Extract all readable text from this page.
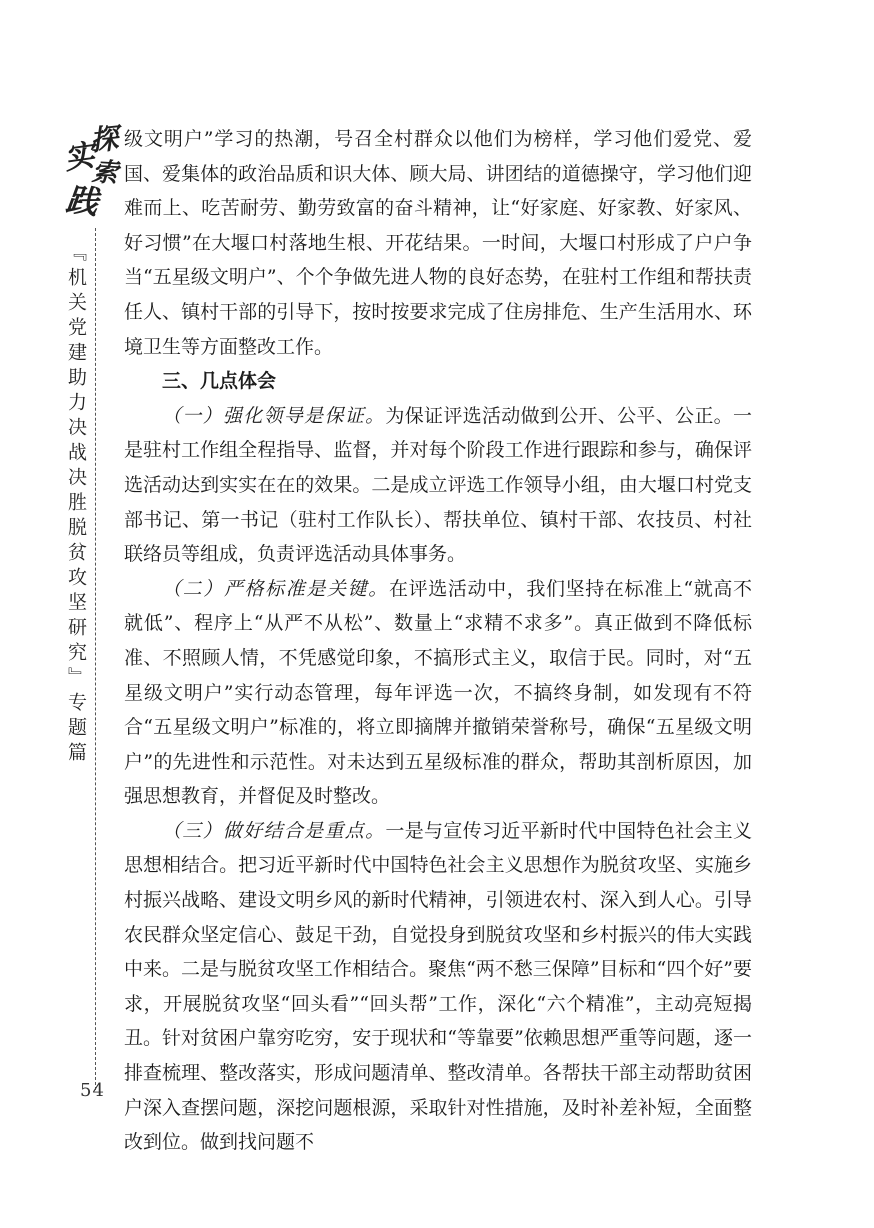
探
索
实
践
『机关党建助力决战决胜脱贫攻坚研究』专题篇
54

级文明户”学习的热潮，号召全村群众以他们为榜样，学习他们爱党、爱国、爱集体的政治品质和识大体、顾大局、讲团结的道德操守，学习他们迎难而上、吃苦耐劳、勤劳致富的奋斗精神，让“好家庭、好家教、好家风、好习惯”在大堰口村落地生根、开花结果。一时间，大堰口村形成了户户争当“五星级文明户”、个个争做先进人物的良好态势，在驻村工作组和帮扶责任人、镇村干部的引导下，按时按要求完成了住房排危、生产生活用水、环境卫生等方面整改工作。

三、几点体会

（一）强化领导是保证。为保证评选活动做到公开、公平、公正。一是驻村工作组全程指导、监督，并对每个阶段工作进行跟踪和参与，确保评选活动达到实实在在的效果。二是成立评选工作领导小组，由大堰口村党支部书记、第一书记（驻村工作队长）、帮扶单位、镇村干部、农技员、村社联络员等组成，负责评选活动具体事务。

（二）严格标准是关键。在评选活动中，我们坚持在标准上“就高不就低”、程序上“从严不从松”、数量上“求精不求多”。真正做到不降低标准、不照顾人情，不凭感觉印象，不搞形式主义，取信于民。同时，对“五星级文明户”实行动态管理，每年评选一次，不搞终身制，如发现有不符合“五星级文明户”标准的，将立即摘牌并撤销荣誉称号，确保“五星级文明户”的先进性和示范性。对未达到五星级标准的群众，帮助其剖析原因，加强思想教育，并督促及时整改。

（三）做好结合是重点。一是与宣传习近平新时代中国特色社会主义思想相结合。把习近平新时代中国特色社会主义思想作为脱贫攻坚、实施乡村振兴战略、建设文明乡风的新时代精神，引领进农村、深入到人心。引导农民群众坚定信心、鼓足干劲，自觉投身到脱贫攻坚和乡村振兴的伟大实践中来。二是与脱贫攻坚工作相结合。聚焦“两不愁三保障”目标和“四个好”要求，开展脱贫攻坚“回头看”“回头帮”工作，深化“六个精准”，主动亮短揭丑。针对贫困户靠穷吃穷，安于现状和“等靠要”依赖思想严重等问题，逐一排查梳理、整改落实，形成问题清单、整改清单。各帮扶干部主动帮助贫困户深入查摆问题，深挖问题根源，采取针对性措施，及时补差补短，全面整改到位。做到找问题不
